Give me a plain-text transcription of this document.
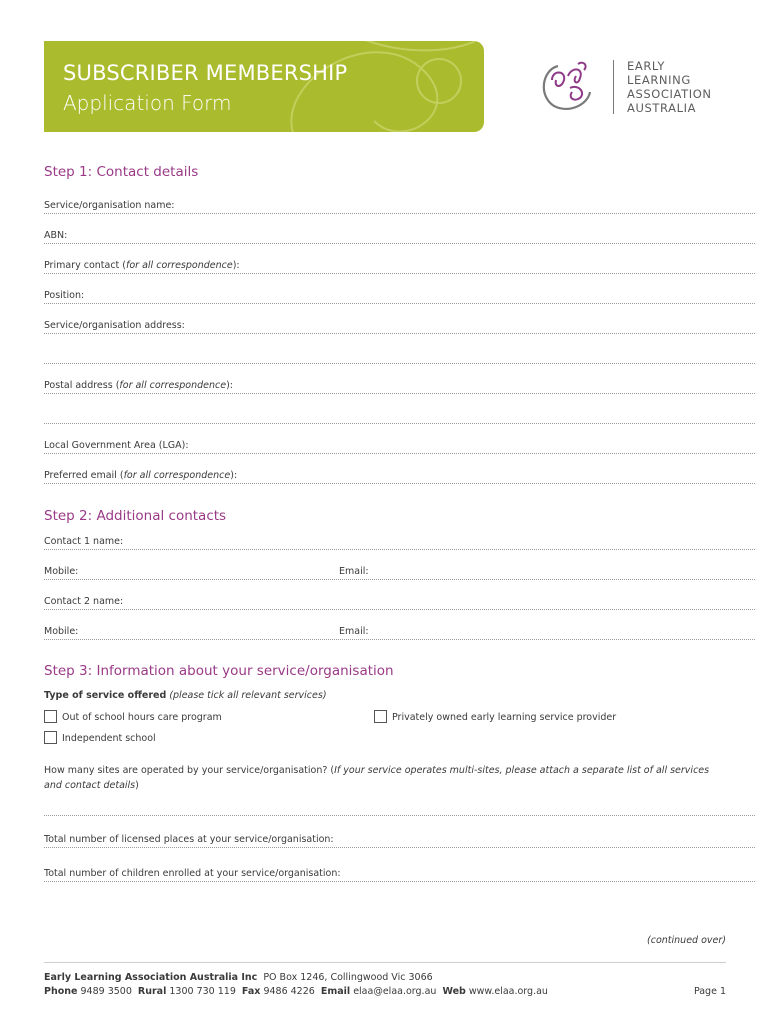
SUBSCRIBER MEMBERSHIP
Application Form
EARLY
LEARNING
ASSOCIATION
AUSTRALIA
Step 1: Contact details
Service/organisation name:
ABN:
Primary contact (for all correspondence):
Position:
Service/organisation address:
Postal address (for all correspondence):
Local Government Area (LGA):
Preferred email (for all correspondence):
Step 2: Additional contacts
Contact 1 name:
Mobile:	Email:
Contact 2 name:
Mobile:	Email:
Step 3: Information about your service/organisation
Type of service offered (please tick all relevant services)
Out of school hours care program	Privately owned early learning service provider
Independent school
How many sites are operated by your service/organisation? (If your service operates multi-sites, please attach a separate list of all services and contact details)
Total number of licensed places at your service/organisation:
Total number of children enrolled at your service/organisation:
(continued over)
Early Learning Association Australia Inc PO Box 1246, Collingwood Vic 3066
Phone 9489 3500 Rural 1300 730 119 Fax 9486 4226 Email elaa@elaa.org.au Web www.elaa.org.au	Page 1
